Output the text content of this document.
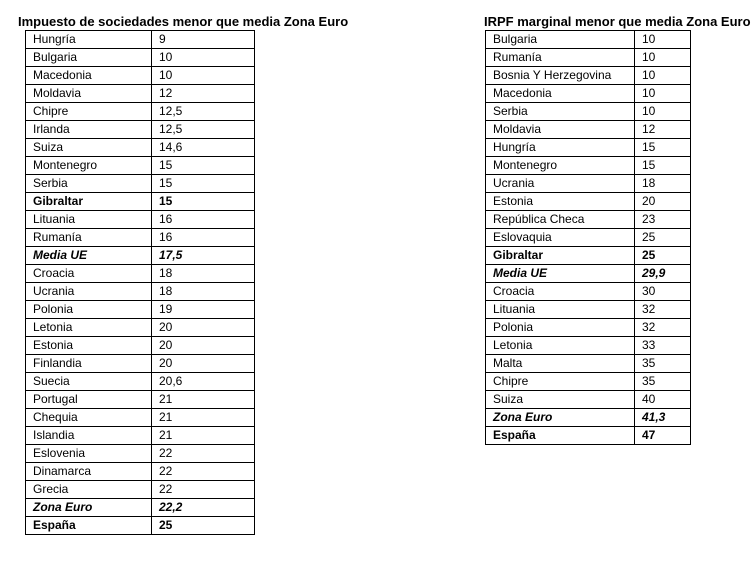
Impuesto de sociedades menor que media Zona Euro
Hungría	9
Bulgaria	10
Macedonia	10
Moldavia	12
Chipre	12,5
Irlanda	12,5
Suiza	14,6
Montenegro	15
Serbia	15
Gibraltar	15
Lituania	16
Rumanía	16
Media UE	17,5
Croacia	18
Ucrania	18
Polonia	19
Letonia	20
Estonia	20
Finlandia	20
Suecia	20,6
Portugal	21
Chequia	21
Islandia	21
Eslovenia	22
Dinamarca	22
Grecia	22
Zona Euro	22,2
España	25
IRPF marginal menor que media Zona Euro
Bulgaria	10
Rumanía	10
Bosnia Y Herzegovina	10
Macedonia	10
Serbia	10
Moldavia	12
Hungría	15
Montenegro	15
Ucrania	18
Estonia	20
República Checa	23
Eslovaquia	25
Gibraltar	25
Media UE	29,9
Croacia	30
Lituania	32
Polonia	32
Letonia	33
Malta	35
Chipre	35
Suiza	40
Zona Euro	41,3
España	47
